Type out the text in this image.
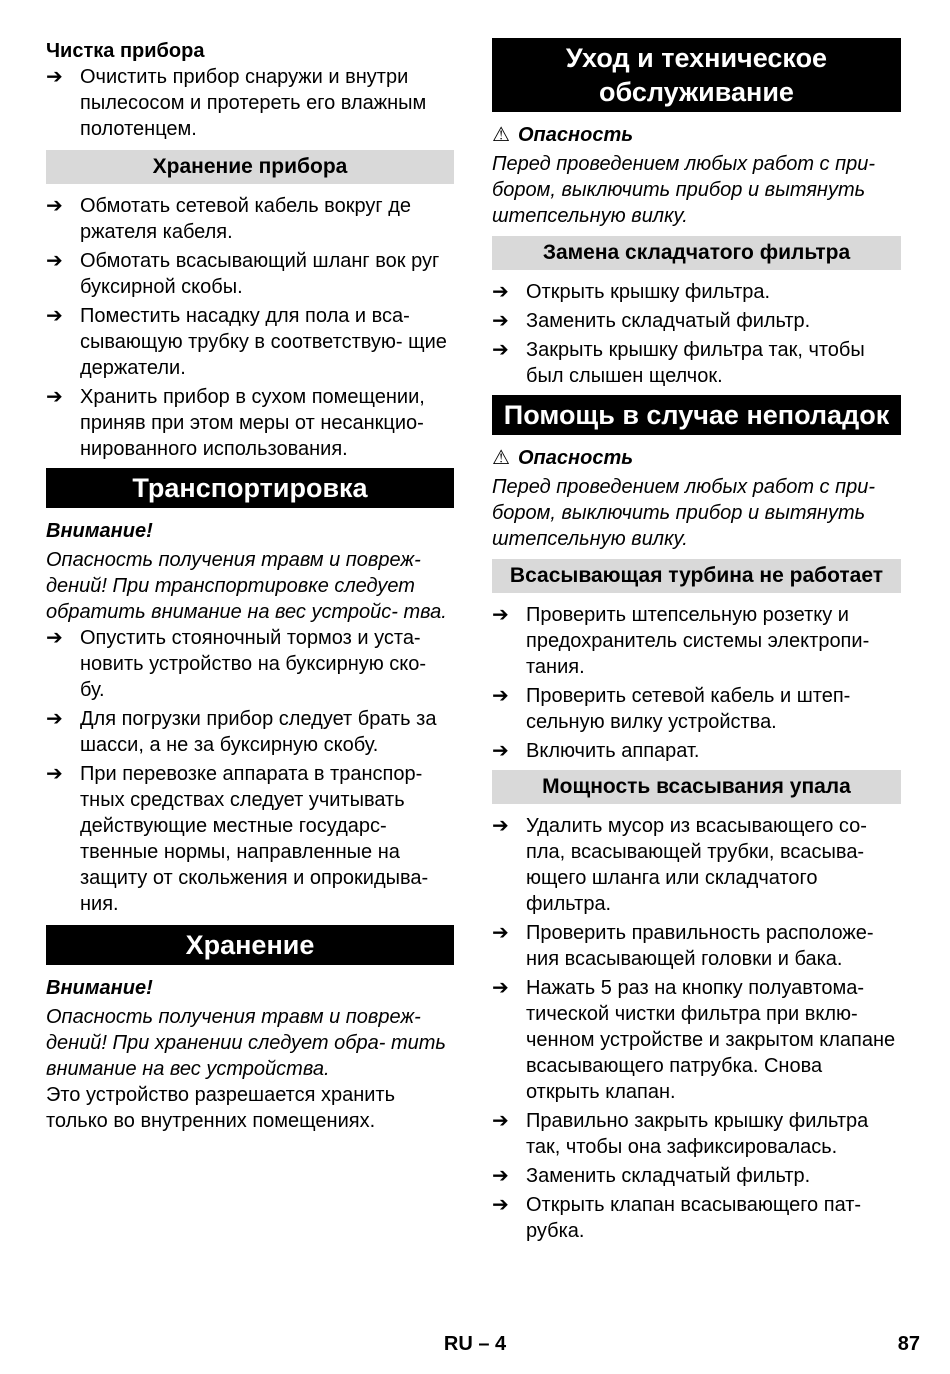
Чистка прибора

➔ Очистить прибор снаружи и внутри пылесосом и протереть его влажным полотенцем.

Хранение прибора

➔ Обмотать сетевой кабель вокруг де ржателя кабеля.

➔ Обмотать всасывающий шланг вок руг буксирной скобы.

➔ Поместить насадку для пола и вса- сывающую трубку в соответствую- щие держатели.

➔ Хранить прибор в сухом помещении, приняв при этом меры от несанкцио- нированного использования.

Транспортировка

Внимание!

Опасность получения травм и повреж- дений! При транспортировке следует обратить внимание на вес устройс- тва.

➔ Опустить стояночный тормоз и уста- новить устройство на буксирную ско- бу.

➔ Для погрузки прибор следует брать за шасси, а не за буксирную скобу.

➔ При перевозке аппарата в транспор- тных средствах следует учитывать действующие местные государс- твенные нормы, направленные на защиту от скольжения и опрокидыва- ния.

Хранение

Внимание!

Опасность получения травм и повреж- дений! При хранении следует обра- тить внимание на вес устройства.

Это устройство разрешается хранить только во внутренних помещениях.

Уход и техническое обслуживание

⚠ Опасность

Перед проведением любых работ с при- бором, выключить прибор и вытянуть штепсельную вилку.

Замена складчатого фильтра

➔ Открыть крышку фильтра.

➔ Заменить складчатый фильтр.

➔ Закрыть крышку фильтра так, чтобы был слышен щелчок.

Помощь в случае неполадок

⚠ Опасность

Перед проведением любых работ с при- бором, выключить прибор и вытянуть штепсельную вилку.

Всасывающая турбина не работает

➔ Проверить штепсельную розетку и предохранитель системы электропи- тания.

➔ Проверить сетевой кабель и штеп- сельную вилку устройства.

➔ Включить аппарат.

Мощность всасывания упала

➔ Удалить мусор из всасывающего со- пла, всасывающей трубки, всасыва- ющего шланга или складчатого фильтра.

➔ Проверить правильность расположе- ния всасывающей головки и бака.

➔ Нажать 5 раз на кнопку полуавтома- тической чистки фильтра при вклю- ченном устройстве и закрытом клапане всасывающего патрубка. Снова открыть клапан.

➔ Правильно закрыть крышку фильтра так, чтобы она зафиксировалась.

➔ Заменить складчатый фильтр.

➔ Открыть клапан всасывающего пат- рубка.

RU – 4	87
